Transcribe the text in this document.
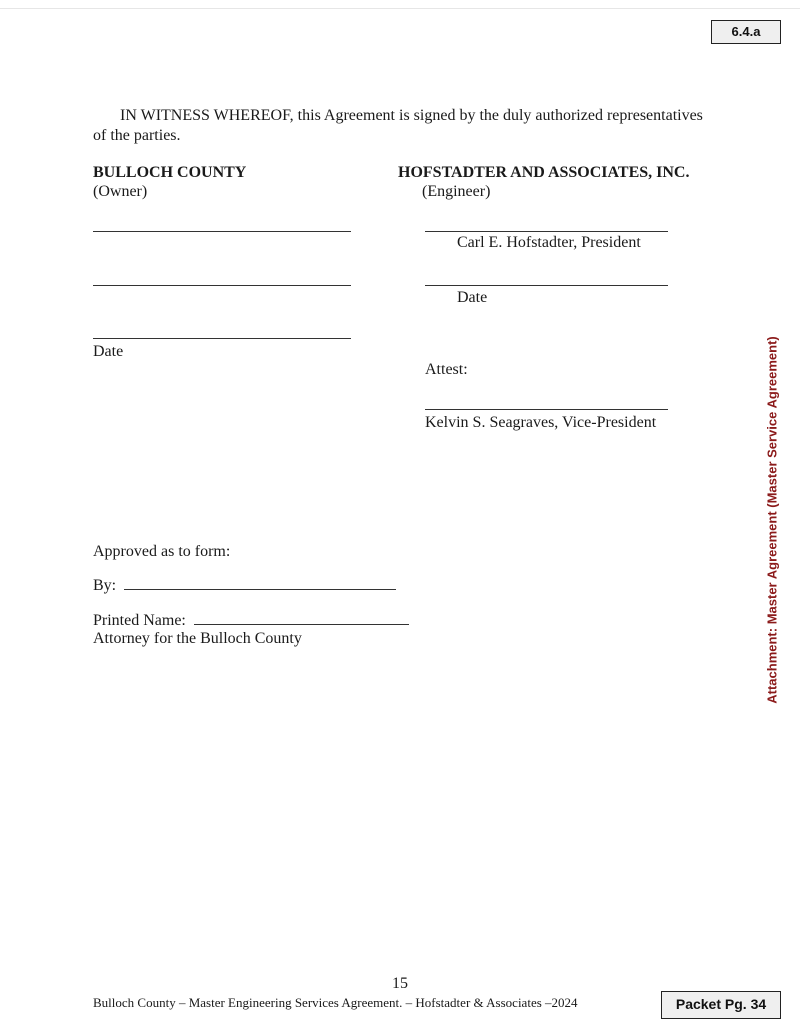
6.4.a
IN WITNESS WHEREOF, this Agreement is signed by the duly authorized representatives
of the parties.
BULLOCH COUNTY
(Owner)
Date
HOFSTADTER AND ASSOCIATES, INC.
(Engineer)
Carl E. Hofstadter, President
Date
Attest:
Kelvin S. Seagraves, Vice-President
Approved as to form:
By:
Printed Name:
Attorney for the Bulloch County	Attachment: Master Agreement (Master Service Agreement)
15
Bulloch County – Master Engineering Services Agreement. – Hofstadter & Associates –2024	Packet Pg. 34
